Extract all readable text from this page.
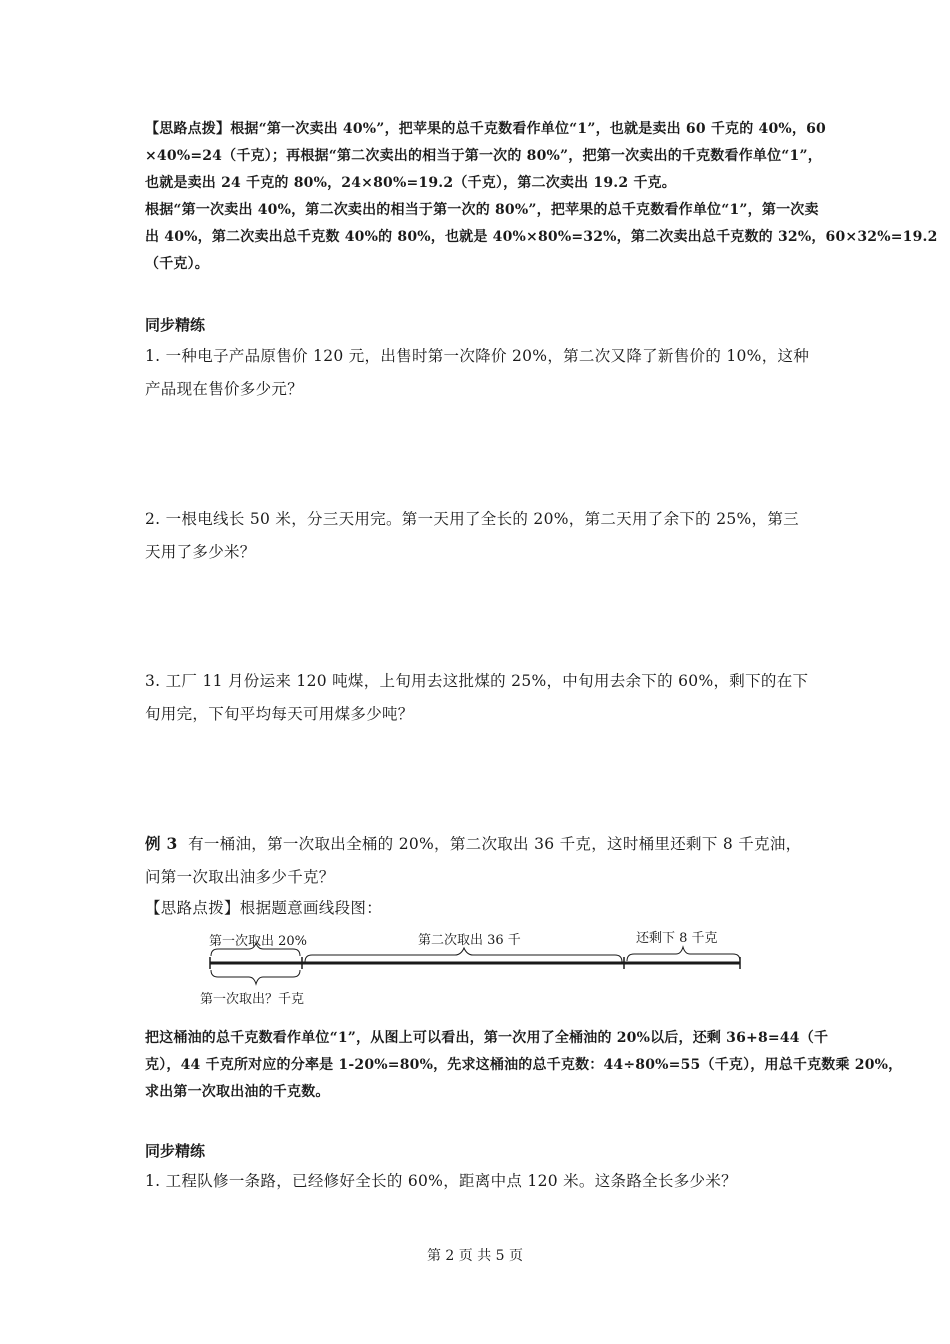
【思路点拨】根据“第一次卖出 40%”，把苹果的总千克数看作单位“1”，也就是卖出 60 千克的 40%，60
×40%=24（千克）；再根据“第二次卖出的相当于第一次的 80%”，把第一次卖出的千克数看作单位“1”，
也就是卖出 24 千克的 80%，24×80%=19.2（千克），第二次卖出 19.2 千克。
根据“第一次卖出 40%，第二次卖出的相当于第一次的 80%”，把苹果的总千克数看作单位“1”，第一次卖
出 40%，第二次卖出总千克数 40%的 80%，也就是 40%×80%=32%，第二次卖出总千克数的 32%，60×32%=19.2
（千克）。
同步精练
1. 一种电子产品原售价 120 元，出售时第一次降价 20%，第二次又降了新售价的 10%，这种
产品现在售价多少元？
2. 一根电线长 50 米，分三天用完。第一天用了全长的 20%，第二天用了余下的 25%，第三
天用了多少米？
3. 工厂 11 月份运来 120 吨煤，上旬用去这批煤的 25%，中旬用去余下的 60%，剩下的在下
旬用完，下旬平均每天可用煤多少吨？
例 3 有一桶油，第一次取出全桶的 20%，第二次取出 36 千克，这时桶里还剩下 8 千克油，
问第一次取出油多少千克？
【思路点拨】根据题意画线段图：
第一次取出 20%	第二次取出 36 千	还剩下 8 千克
第一次取出？千克
把这桶油的总千克数看作单位“1”，从图上可以看出，第一次用了全桶油的 20%以后，还剩 36+8=44（千
克），44 千克所对应的分率是 1-20%=80%，先求这桶油的总千克数：44÷80%=55（千克），用总千克数乘 20%，
求出第一次取出油的千克数。
同步精练
1. 工程队修一条路，已经修好全长的 60%，距离中点 120 米。这条路全长多少米？
第 2 页 共 5 页
